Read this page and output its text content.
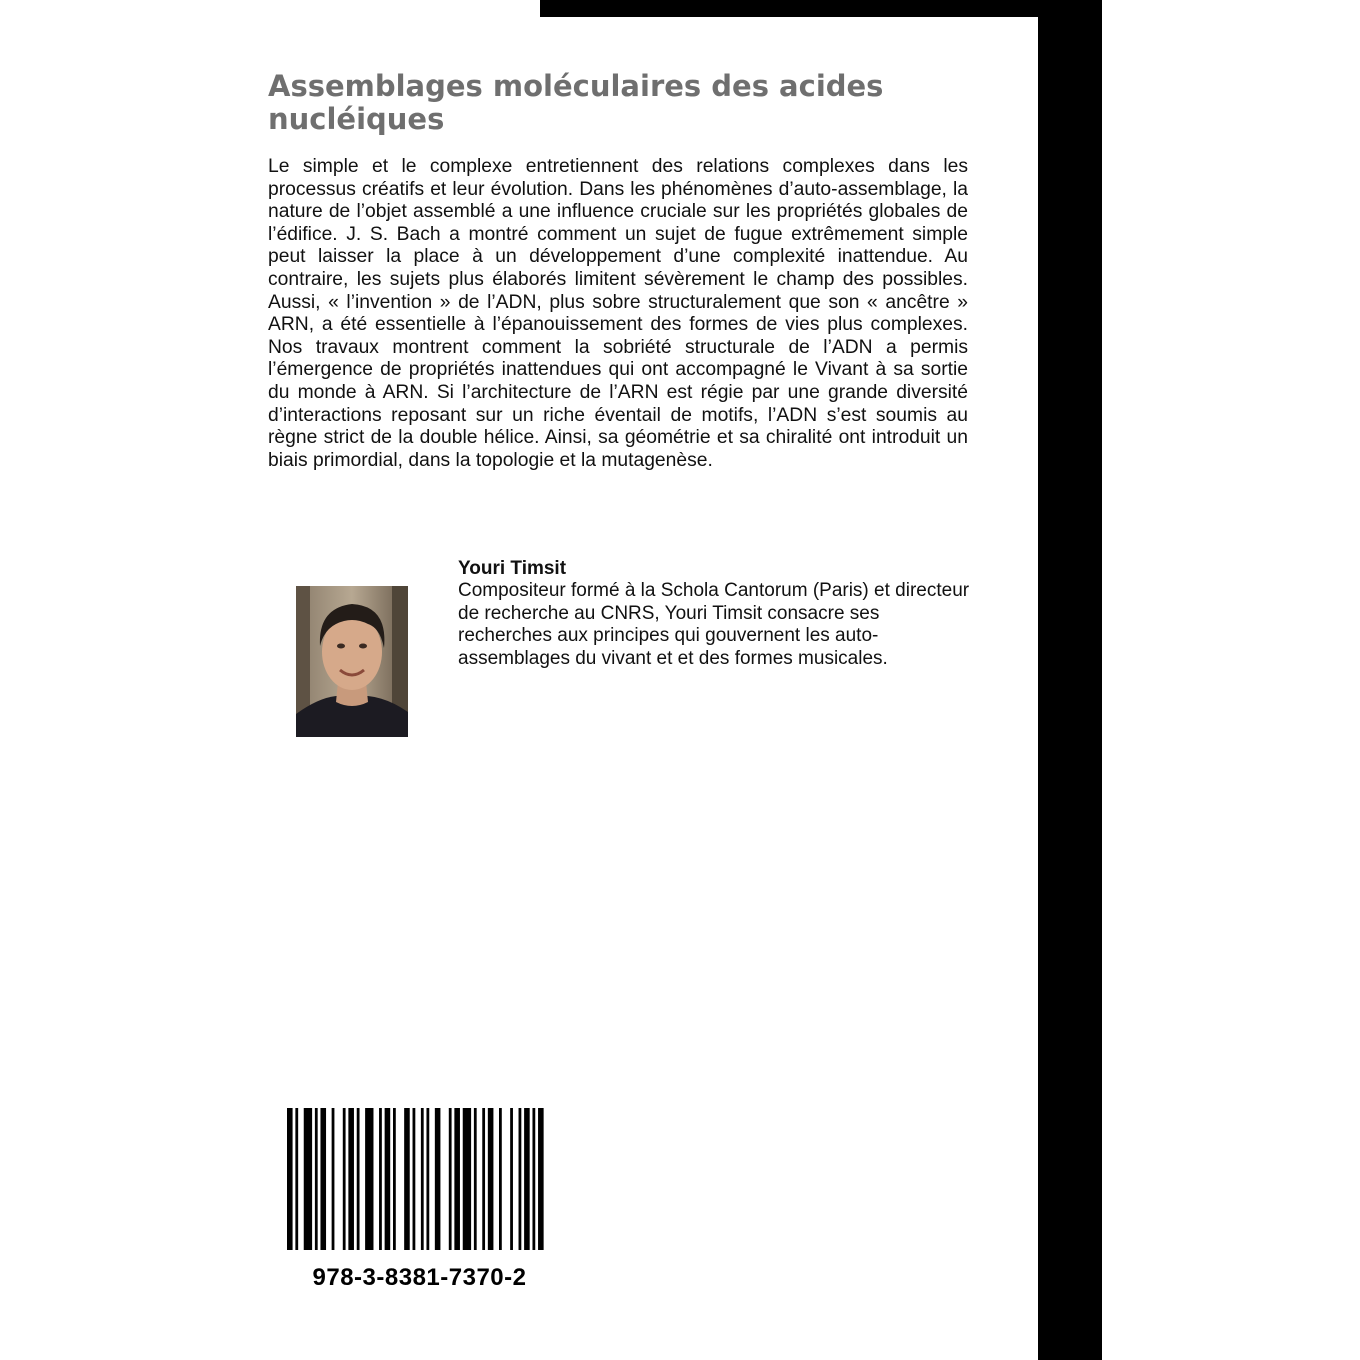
Assemblages moléculaires des acides nucléiques

Le simple et le complexe entretiennent des relations complexes dans les processus créatifs et leur évolution. Dans les phénomènes d’auto-assemblage, la nature de l’objet assemblé a une influence cruciale sur les propriétés globales de l’édifice. J. S. Bach a montré comment un sujet de fugue extrêmement simple peut laisser la place à un développement d’une complexité inattendue. Au contraire, les sujets plus élaborés limitent sévèrement le champ des possibles. Aussi, « l’invention » de l’ADN, plus sobre structuralement que son « ancêtre » ARN, a été essentielle à l’épanouissement des formes de vies plus complexes. Nos travaux montrent comment la sobriété structurale de l’ADN a permis l’émergence de propriétés inattendues qui ont accompagné le Vivant à sa sortie du monde à ARN. Si l’architecture de l’ARN est régie par une grande diversité d’interactions reposant sur un riche éventail de motifs, l’ADN s’est soumis au règne strict de la double hélice. Ainsi, sa géométrie et sa chiralité ont introduit un biais primordial, dans la topologie et la mutagenèse.

Youri Timsit
Compositeur formé à la Schola Cantorum (Paris) et directeur de recherche au CNRS, Youri Timsit consacre ses recherches aux principes qui gouvernent les auto-assemblages du vivant et et des formes musicales.
978-3-8381-7370-2
